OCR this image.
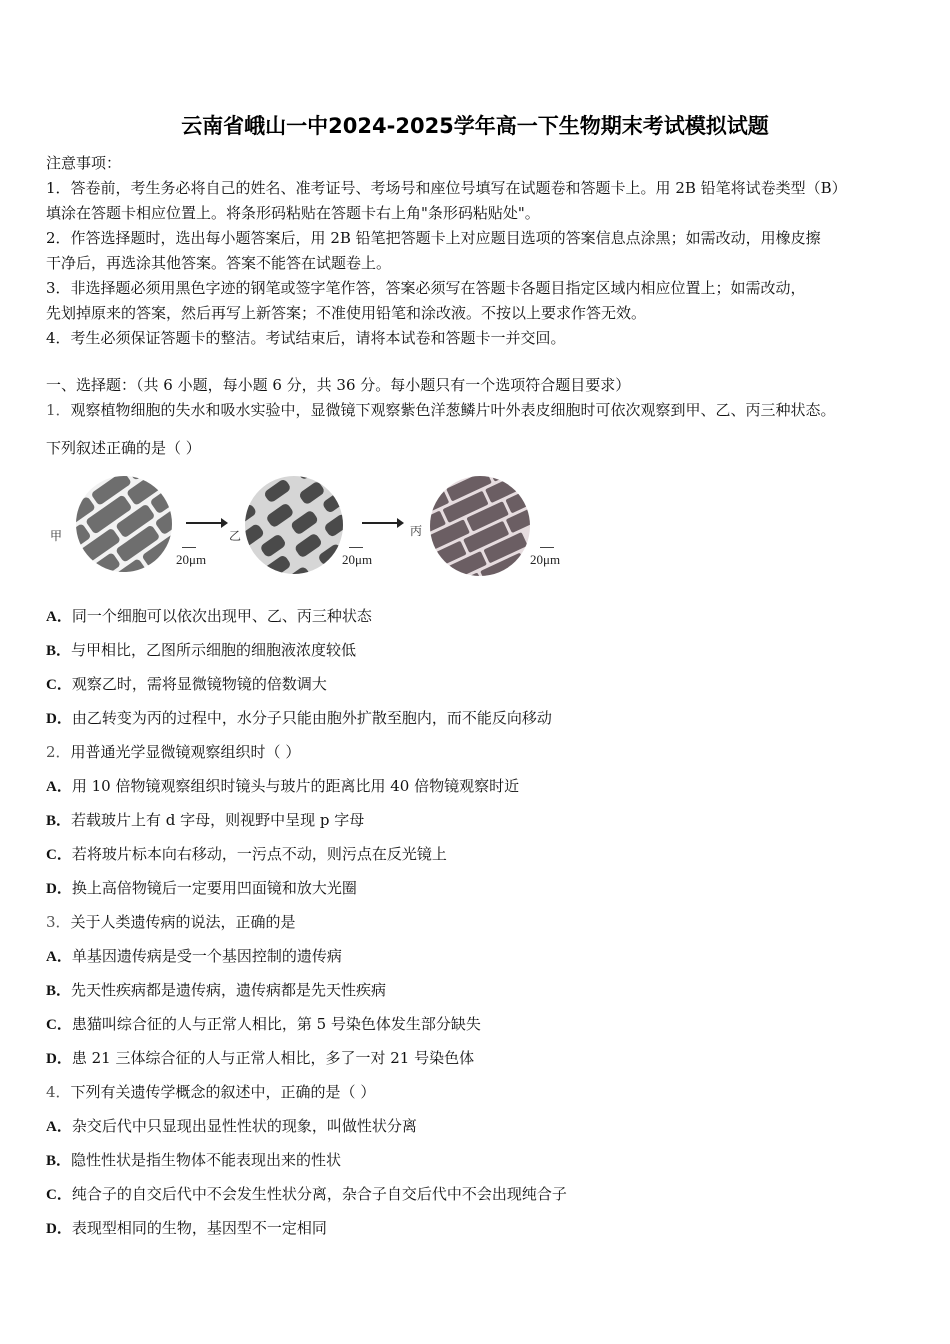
云南省峨山一中2024-2025学年高一下生物期末考试模拟试题
注意事项：
1．答卷前，考生务必将自己的姓名、准考证号、考场号和座位号填写在试题卷和答题卡上。用 2B 铅笔将试卷类型（B）
填涂在答题卡相应位置上。将条形码粘贴在答题卡右上角"条形码粘贴处"。
2．作答选择题时，选出每小题答案后，用 2B 铅笔把答题卡上对应题目选项的答案信息点涂黑；如需改动，用橡皮擦
干净后，再选涂其他答案。答案不能答在试题卷上。
3．非选择题必须用黑色字迹的钢笔或签字笔作答，答案必须写在答题卡各题目指定区域内相应位置上；如需改动，
先划掉原来的答案，然后再写上新答案；不准使用铅笔和涂改液。不按以上要求作答无效。
4．考生必须保证答题卡的整洁。考试结束后，请将本试卷和答题卡一并交回。
一、选择题：（共 6 小题，每小题 6 分，共 36 分。每小题只有一个选项符合题目要求）
1．观察植物细胞的失水和吸水实验中，显微镜下观察紫色洋葱鳞片叶外表皮细胞时可依次观察到甲、乙、丙三种状态。
下列叙述正确的是（ ）
甲
20μm
乙
20μm
丙
20μm
A．同一个细胞可以依次出现甲、乙、丙三种状态
B．与甲相比，乙图所示细胞的细胞液浓度较低
C．观察乙时，需将显微镜物镜的倍数调大
D．由乙转变为丙的过程中，水分子只能由胞外扩散至胞内，而不能反向移动
2．用普通光学显微镜观察组织时（ ）
A．用 10 倍物镜观察组织时镜头与玻片的距离比用 40 倍物镜观察时近
B．若载玻片上有 d 字母，则视野中呈现 p 字母
C．若将玻片标本向右移动，一污点不动，则污点在反光镜上
D．换上高倍物镜后一定要用凹面镜和放大光圈
3．关于人类遗传病的说法，正确的是
A．单基因遗传病是受一个基因控制的遗传病
B．先天性疾病都是遗传病，遗传病都是先天性疾病
C．患猫叫综合征的人与正常人相比，第 5 号染色体发生部分缺失
D．患 21 三体综合征的人与正常人相比，多了一对 21 号染色体
4．下列有关遗传学概念的叙述中，正确的是（ ）
A．杂交后代中只显现出显性性状的现象，叫做性状分离
B．隐性性状是指生物体不能表现出来的性状
C．纯合子的自交后代中不会发生性状分离，杂合子自交后代中不会出现纯合子
D．表现型相同的生物，基因型不一定相同
